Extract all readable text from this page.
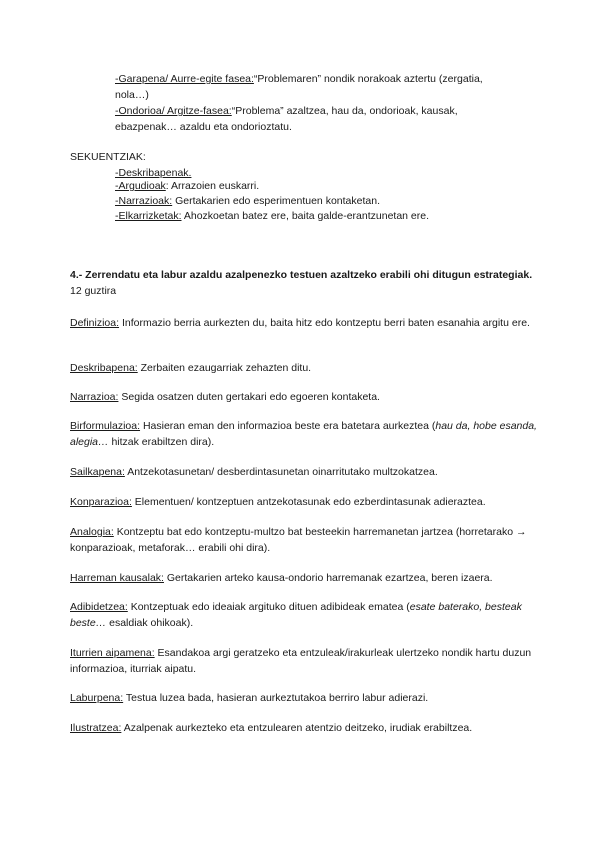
-Garapena/ Aurre-egite fasea:“Problemaren” nondik norakoak aztertu (zergatia, nola…)

-Ondorioa/ Argitze-fasea:“Problema” azaltzea, hau da, ondorioak, kausak, ebazpenak… azaldu eta ondorioztatu.

SEKUENTZIAK:

-Deskribapenak.

-Argudioak: Arrazoien euskarri.

-Narrazioak: Gertakarien edo esperimentuen kontaketan.

-Elkarrizketak: Ahozkoetan batez ere, baita galde-erantzunetan ere.

4.- Zerrendatu eta labur azaldu azalpenezko testuen azaltzeko erabili ohi ditugun estrategiak. 12 guztira

Definizioa: Informazio berria aurkezten du, baita hitz edo kontzeptu berri baten esanahia argitu ere.

Deskribapena: Zerbaiten ezaugarriak zehazten ditu.

Narrazioa: Segida osatzen duten gertakari edo egoeren kontaketa.

Birformulazioa: Hasieran eman den informazioa beste era batetara aurkeztea (hau da, hobe esanda, alegia… hitzak erabiltzen dira).

Sailkapena: Antzekotasunetan/ desberdintasunetan oinarritutako multzokatzea.

Konparazioa: Elementuen/ kontzeptuen antzekotasunak edo ezberdintasunak adieraztea.

Analogia: Kontzeptu bat edo kontzeptu-multzo bat besteekin harremanetan jartzea (horretarako → konparazioak, metaforak… erabili ohi dira).

Harreman kausalak: Gertakarien arteko kausa-ondorio harremanak ezartzea, beren izaera.

Adibidetzea: Kontzeptuak edo ideaiak argituko dituen adibideak ematea (esate baterako, besteak beste… esaldiak ohikoak).

Iturrien aipamena: Esandakoa argi geratzeko eta entzuleak/irakurleak ulertzeko nondik hartu duzun informazioa, iturriak aipatu.

Laburpena: Testua luzea bada, hasieran aurkeztutakoa berriro labur adierazi.

Ilustratzea: Azalpenak aurkezteko eta entzulearen atentzio deitzeko, irudiak erabiltzea.
